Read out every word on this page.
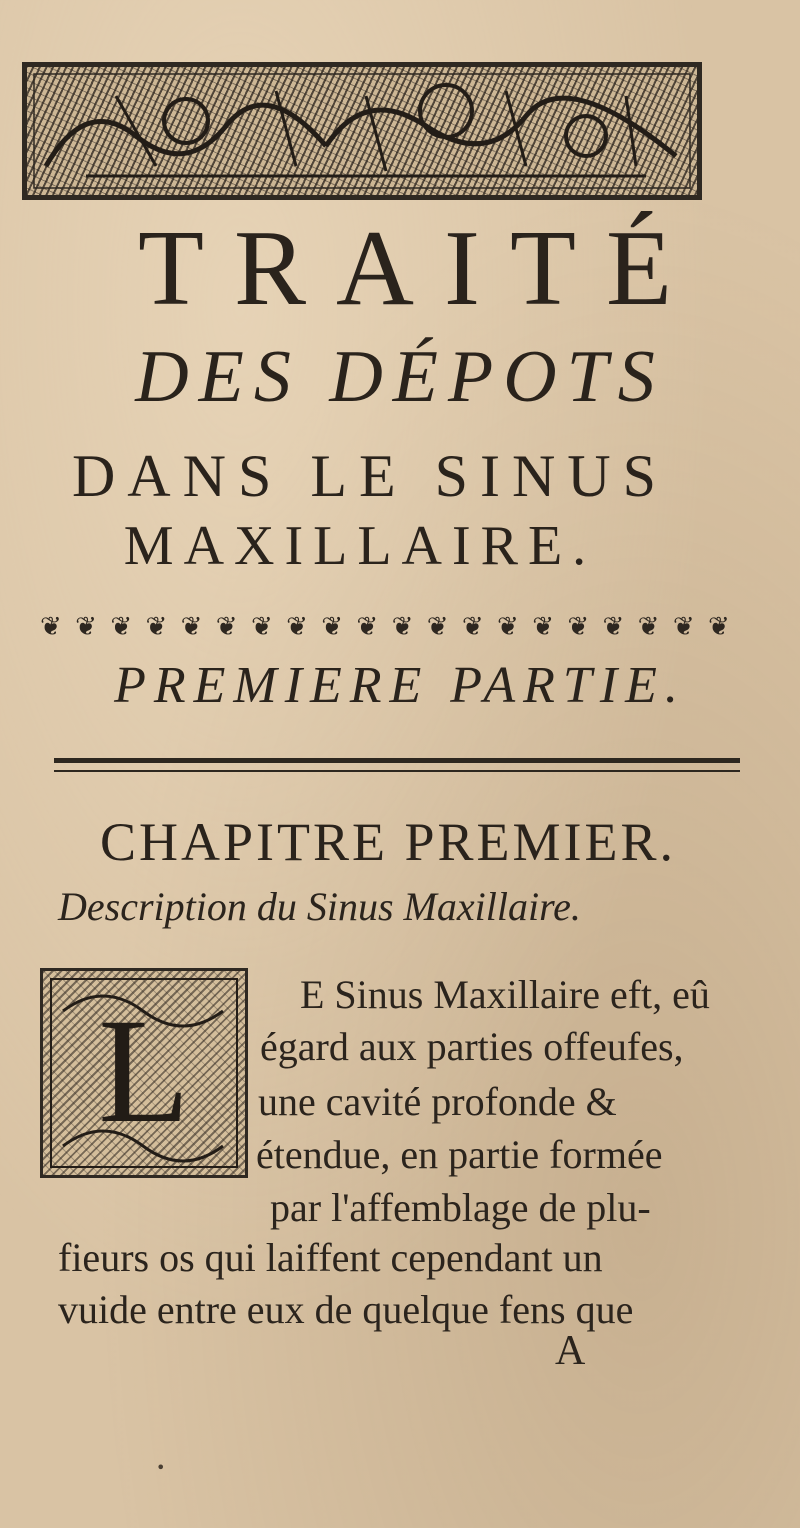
TRAITÉ
DES DÉPOTS
DANS LE SINUS
MAXILLAIRE.
❦ ❦ ❦ ❦ ❦ ❦ ❦ ❦ ❦ ❦ ❦ ❦ ❦ ❦ ❦ ❦ ❦ ❦ ❦ ❦
PREMIERE PARTIE.
CHAPITRE PREMIER.
Description du Sinus Maxillaire.
L	E Sinus Maxillaire eft, eû
égard aux parties offeufes,
une cavité profonde &
étendue, en partie formée
par l'affemblage de plu-
fieurs os qui laiffent cependant un
vuide entre eux de quelque fens que
A
•
